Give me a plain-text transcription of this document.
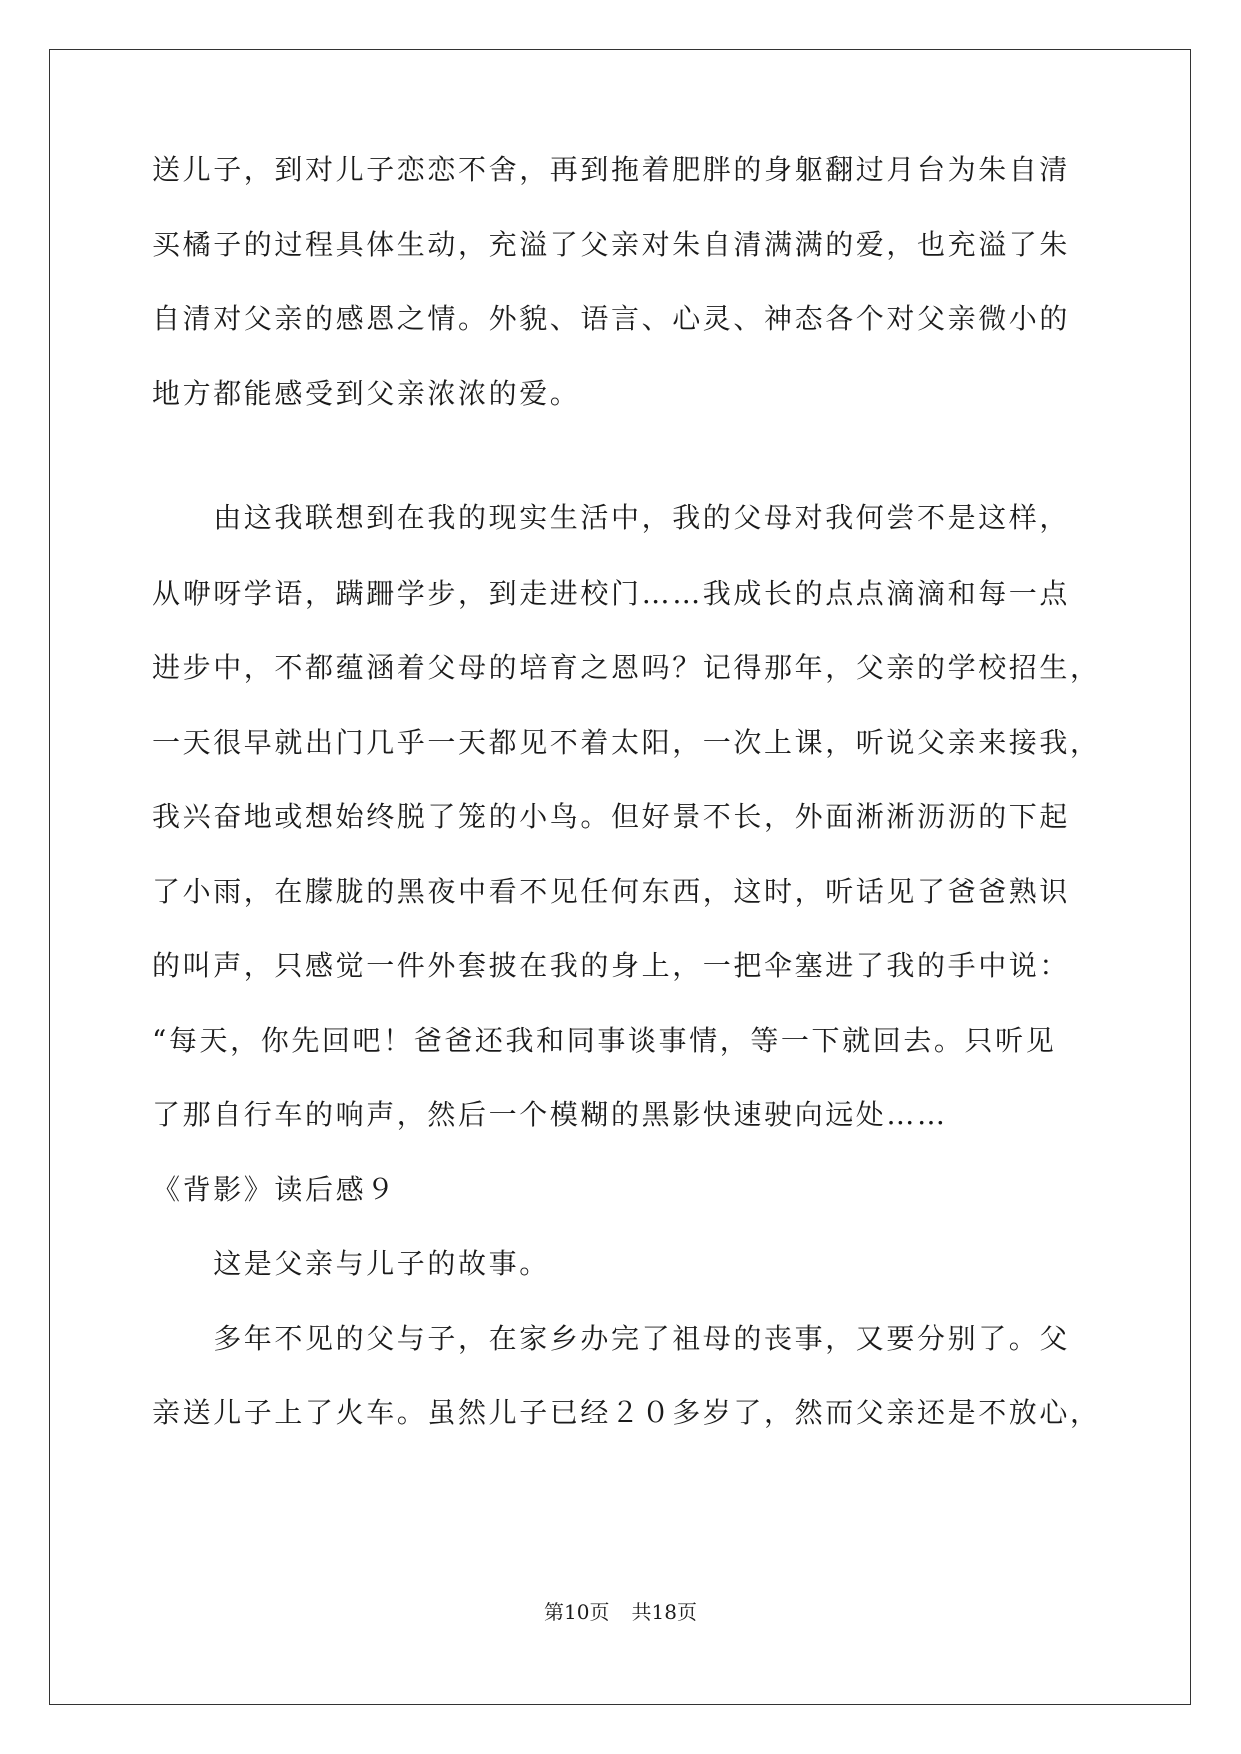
送儿子，到对儿子恋恋不舍，再到拖着肥胖的身躯翻过月台为朱自清
买橘子的过程具体生动，充溢了父亲对朱自清满满的爱，也充溢了朱
自清对父亲的感恩之情。外貌、语言、心灵、神态各个对父亲微小的
地方都能感受到父亲浓浓的爱。
　　由这我联想到在我的现实生活中，我的父母对我何尝不是这样，
从咿呀学语，蹒跚学步，到走进校门……我成长的点点滴滴和每一点
进步中，不都蕴涵着父母的培育之恩吗？记得那年，父亲的学校招生，
一天很早就出门几乎一天都见不着太阳，一次上课，听说父亲来接我，
我兴奋地或想始终脱了笼的小鸟。但好景不长，外面淅淅沥沥的下起
了小雨，在朦胧的黑夜中看不见任何东西，这时，听话见了爸爸熟识
的叫声，只感觉一件外套披在我的身上，一把伞塞进了我的手中说：
“每天，你先回吧！爸爸还我和同事谈事情，等一下就回去。只听见
了那自行车的响声，然后一个模糊的黑影快速驶向远处……
《背影》读后感９
　　这是父亲与儿子的故事。
　　多年不见的父与子，在家乡办完了祖母的丧事，又要分别了。父
亲送儿子上了火车。虽然儿子已经２０多岁了，然而父亲还是不放心，
第10页 共18页
